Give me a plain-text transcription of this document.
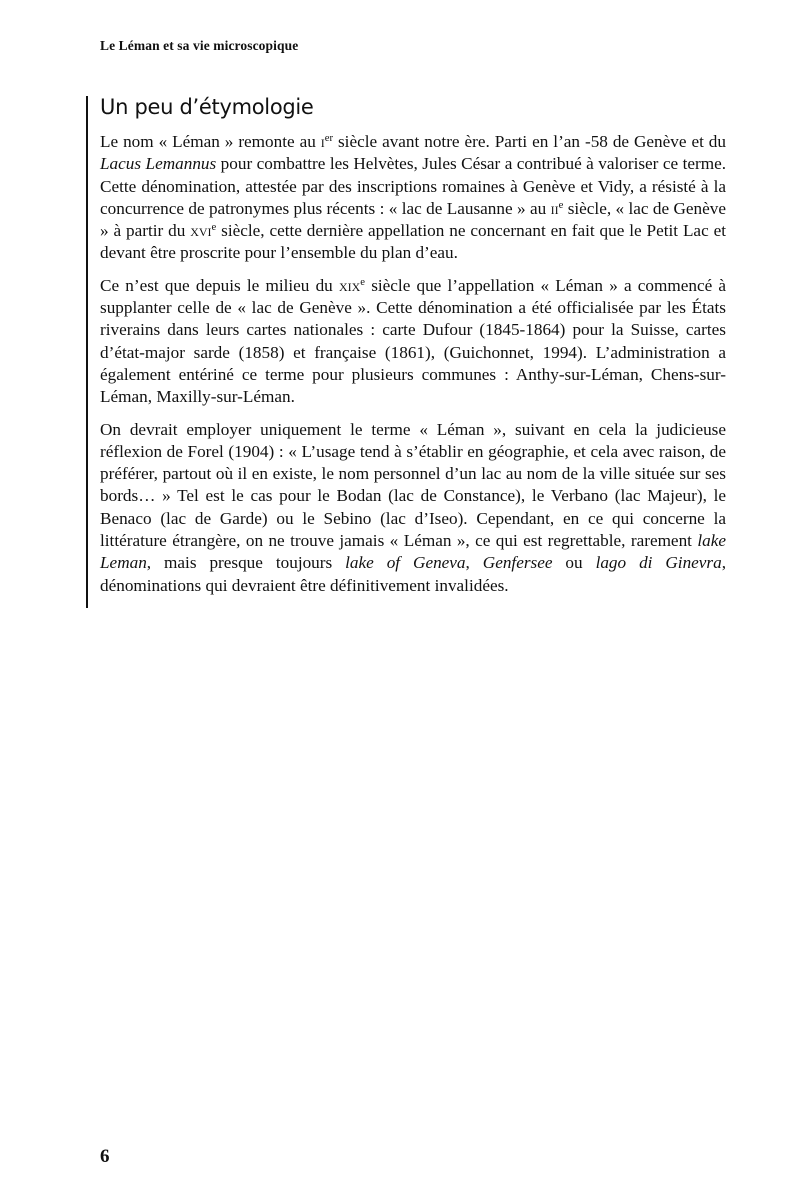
Le Léman et sa vie microscopique
Un peu d’étymologie

Le nom « Léman » remonte au $i^{er}$ siècle avant notre ère. Parti en l’an -58 de Genève et du Lacus Lemannus pour combattre les Helvètes, Jules César a contribué à valoriser ce terme. Cette dénomination, attestée par des inscriptions romaines à Genève et Vidy, a résisté à la concurrence de patronymes plus récents : « lac de Lausanne » au $ii^e$ siècle, « lac de Genève » à partir du xvi$^e$ siècle, cette dernière appellation ne concernant en fait que le Petit Lac et devant être proscrite pour l’ensemble du plan d’eau.

Ce n’est que depuis le milieu du xix$^e$ siècle que l’appellation « Léman » a commencé à supplanter celle de « lac de Genève ». Cette dénomination a été officialisée par les États riverains dans leurs cartes nationales : carte Dufour (1845-1864) pour la Suisse, cartes d’état-major sarde (1858) et française (1861), (Guichonnet, 1994). L’administration a également entériné ce terme pour plusieurs communes : Anthy-sur-Léman, Chens-sur-Léman, Maxilly-sur-Léman.

On devrait employer uniquement le terme « Léman », suivant en cela la judicieuse réflexion de Forel (1904) : « L’usage tend à s’établir en géographie, et cela avec raison, de préférer, partout où il en existe, le nom personnel d’un lac au nom de la ville située sur ses bords… » Tel est le cas pour le Bodan (lac de Constance), le Verbano (lac Majeur), le Benaco (lac de Garde) ou le Sebino (lac d’Iseo). Cependant, en ce qui concerne la littérature étrangère, on ne trouve jamais « Léman », ce qui est regrettable, rarement lake Leman, mais presque toujours lake of Geneva, Genfersee ou lago di Ginevra, dénominations qui devraient être définitivement invalidées.

6
